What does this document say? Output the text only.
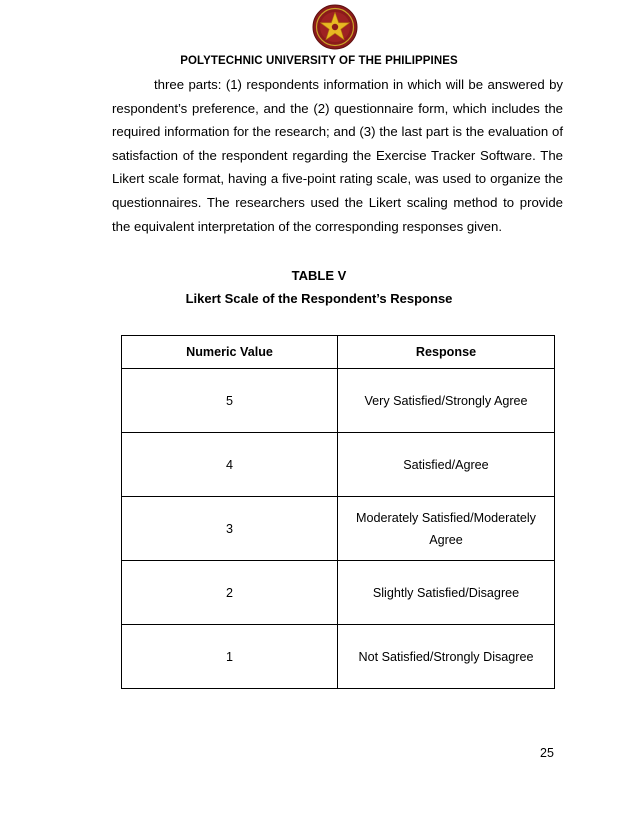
POLYTECHNIC UNIVERSITY OF THE PHILIPPINES

three parts: (1) respondents information in which will be answered by respondent’s preference, and the (2) questionnaire form, which includes the required information for the research; and (3) the last part is the evaluation of satisfaction of the respondent regarding the Exercise Tracker Software. The Likert scale format, having a five-point rating scale, was used to organize the questionnaires. The researchers used the Likert scaling method to provide the equivalent interpretation of the corresponding responses given.

TABLE V
Likert Scale of the Respondent’s Response
Numeric Value	Response
5	Very Satisfied/Strongly Agree
4	Satisfied/Agree
3	Moderately Satisfied/Moderately Agree
2	Slightly Satisfied/Disagree
1	Not Satisfied/Strongly Disagree
25
